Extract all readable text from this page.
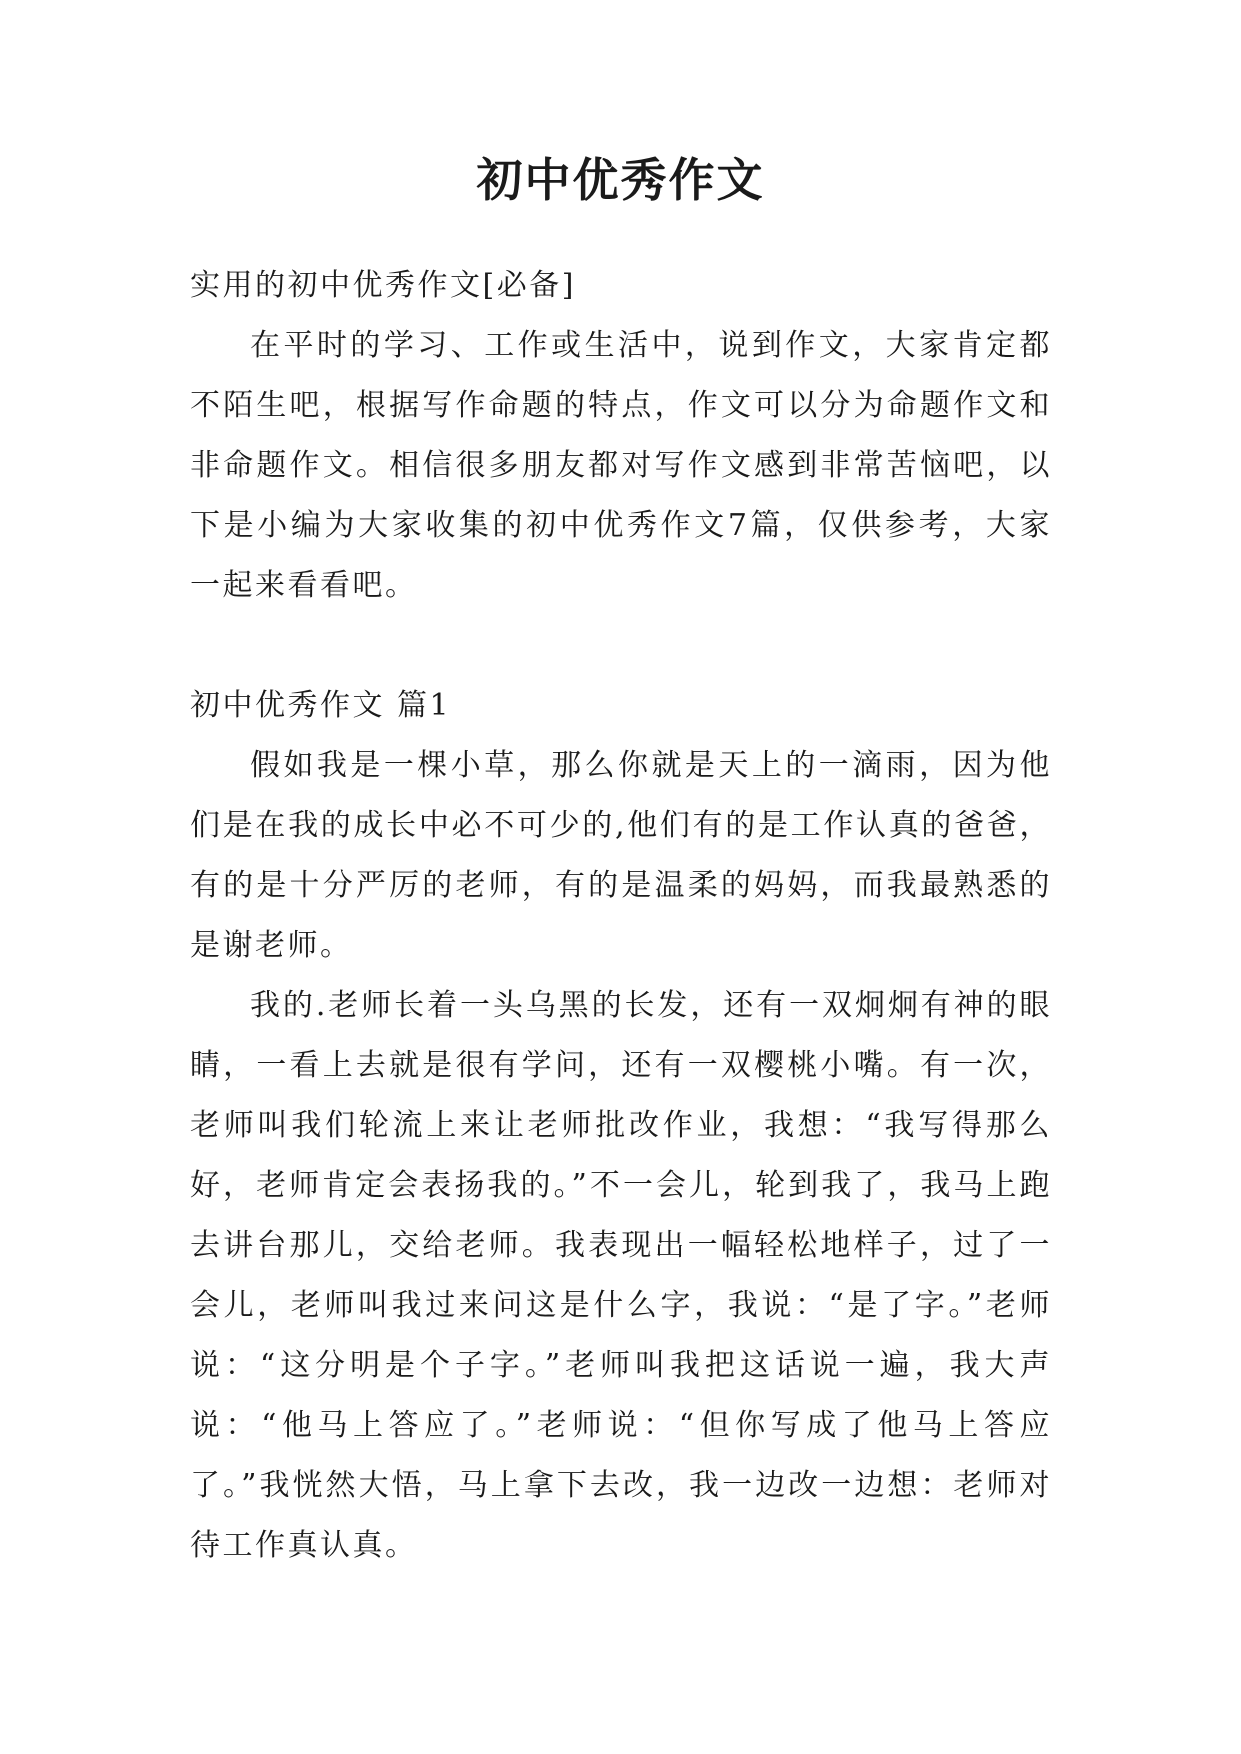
初中优秀作文

实用的初中优秀作文[必备]

在平时的学习、工作或生活中，说到作文，大家肯定都不陌生吧，根据写作命题的特点，作文可以分为命题作文和非命题作文。相信很多朋友都对写作文感到非常苦恼吧，以下是小编为大家收集的初中优秀作文7篇，仅供参考，大家一起来看看吧。

初中优秀作文 篇1

假如我是一棵小草，那么你就是天上的一滴雨，因为他们是在我的成长中必不可少的,他们有的是工作认真的爸爸，有的是十分严厉的老师，有的是温柔的妈妈，而我最熟悉的是谢老师。

我的.老师长着一头乌黑的长发，还有一双炯炯有神的眼睛，一看上去就是很有学问，还有一双樱桃小嘴。有一次，老师叫我们轮流上来让老师批改作业，我想：“我写得那么好，老师肯定会表扬我的。”不一会儿，轮到我了，我马上跑去讲台那儿，交给老师。我表现出一幅轻松地样子，过了一会儿，老师叫我过来问这是什么字，我说：“是了字。”老师说：“这分明是个子字。”老师叫我把这话说一遍，我大声说：“他马上答应了。”老师说：“但你写成了他马上答应了。”我恍然大悟，马上拿下去改，我一边改一边想：老师对待工作真认真。
